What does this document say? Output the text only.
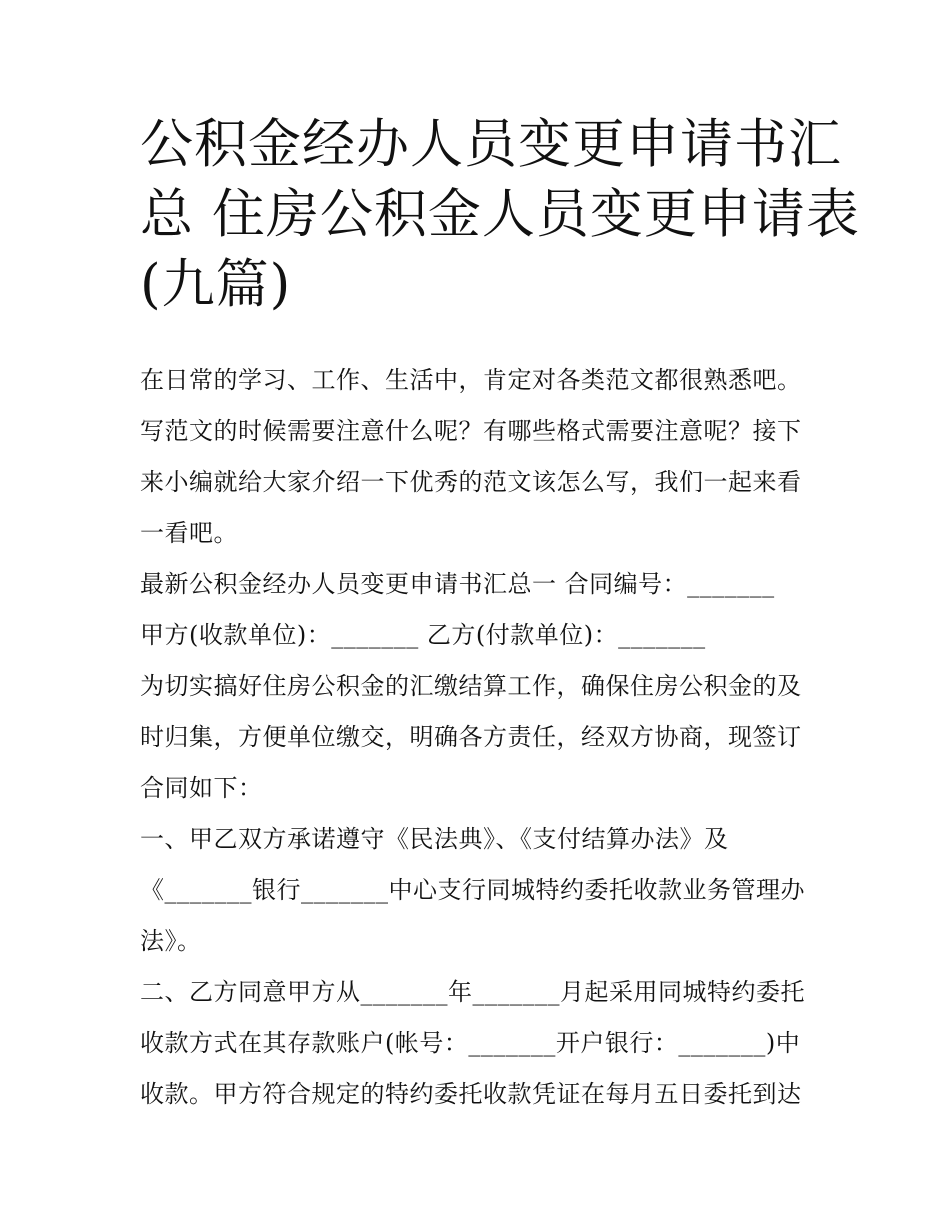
公积金经办人员变更申请书汇
总 住房公积金人员变更申请表
(九篇)
在日常的学习、工作、生活中，肯定对各类范文都很熟悉吧。
写范文的时候需要注意什么呢？有哪些格式需要注意呢？接下
来小编就给大家介绍一下优秀的范文该怎么写，我们一起来看
一看吧。
最新公积金经办人员变更申请书汇总一 合同编号：_______
甲方(收款单位)：_______ 乙方(付款单位)：_______
为切实搞好住房公积金的汇缴结算工作，确保住房公积金的及
时归集，方便单位缴交，明确各方责任，经双方协商，现签订
合同如下：
一、甲乙双方承诺遵守《民法典》、《支付结算办法》及
《_______银行_______中心支行同城特约委托收款业务管理办
法》。
二、乙方同意甲方从_______年_______月起采用同城特约委托
收款方式在其存款账户(帐号：_______开户银行：_______)中
收款。甲方符合规定的特约委托收款凭证在每月五日委托到达
